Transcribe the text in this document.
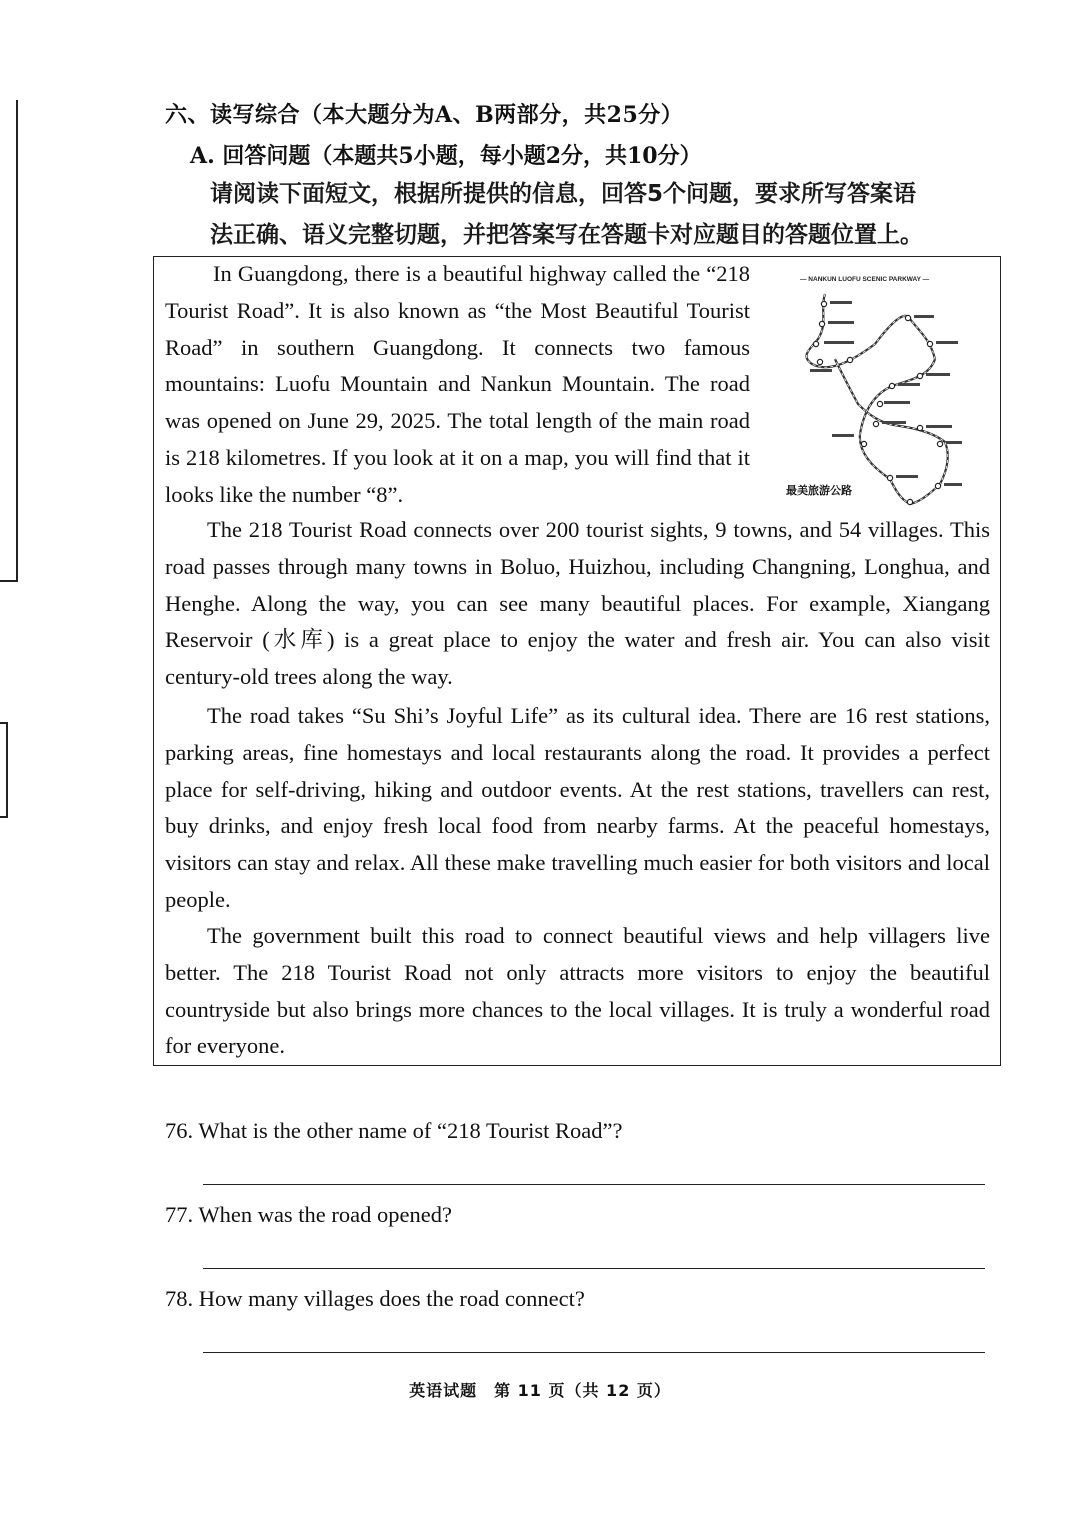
六、读写综合（本大题分为A、B两部分，共25分）
A. 回答问题（本题共5小题，每小题2分，共10分）
请阅读下面短文，根据所提供的信息，回答5个问题，要求所写答案语
法正确、语义完整切题，并把答案写在答题卡对应题目的答题位置上。
In Guangdong, there is a beautiful highway called the “218 Tourist Road”. It is also known as “the Most Beautiful Tourist Road” in southern Guangdong. It connects two famous mountains: Luofu Mountain and Nankun Mountain. The road was opened on June 29, 2025. The total length of the main road is 218 kilometres. If you look at it on a map, you will find that it looks like the number “8”.
— NANKUN LUOFU SCENIC PARKWAY —
最美旅游公路
The 218 Tourist Road connects over 200 tourist sights, 9 towns, and 54 villages. This road passes through many towns in Boluo, Huizhou, including Changning, Longhua, and Henghe. Along the way, you can see many beautiful places. For example, Xiangang Reservoir (水库) is a great place to enjoy the water and fresh air. You can also visit century-old trees along the way.
The road takes “Su Shi’s Joyful Life” as its cultural idea. There are 16 rest stations, parking areas, fine homestays and local restaurants along the road. It provides a perfect place for self-driving, hiking and outdoor events. At the rest stations, travellers can rest, buy drinks, and enjoy fresh local food from nearby farms. At the peaceful homestays, visitors can stay and relax. All these make travelling much easier for both visitors and local people.
The government built this road to connect beautiful views and help villagers live better. The 218 Tourist Road not only attracts more visitors to enjoy the beautiful countryside but also brings more chances to the local villages. It is truly a wonderful road for everyone.
76. What is the other name of “218 Tourist Road”?
77. When was the road opened?
78. How many villages does the road connect?
英语试题　第 11 页（共 12 页）
